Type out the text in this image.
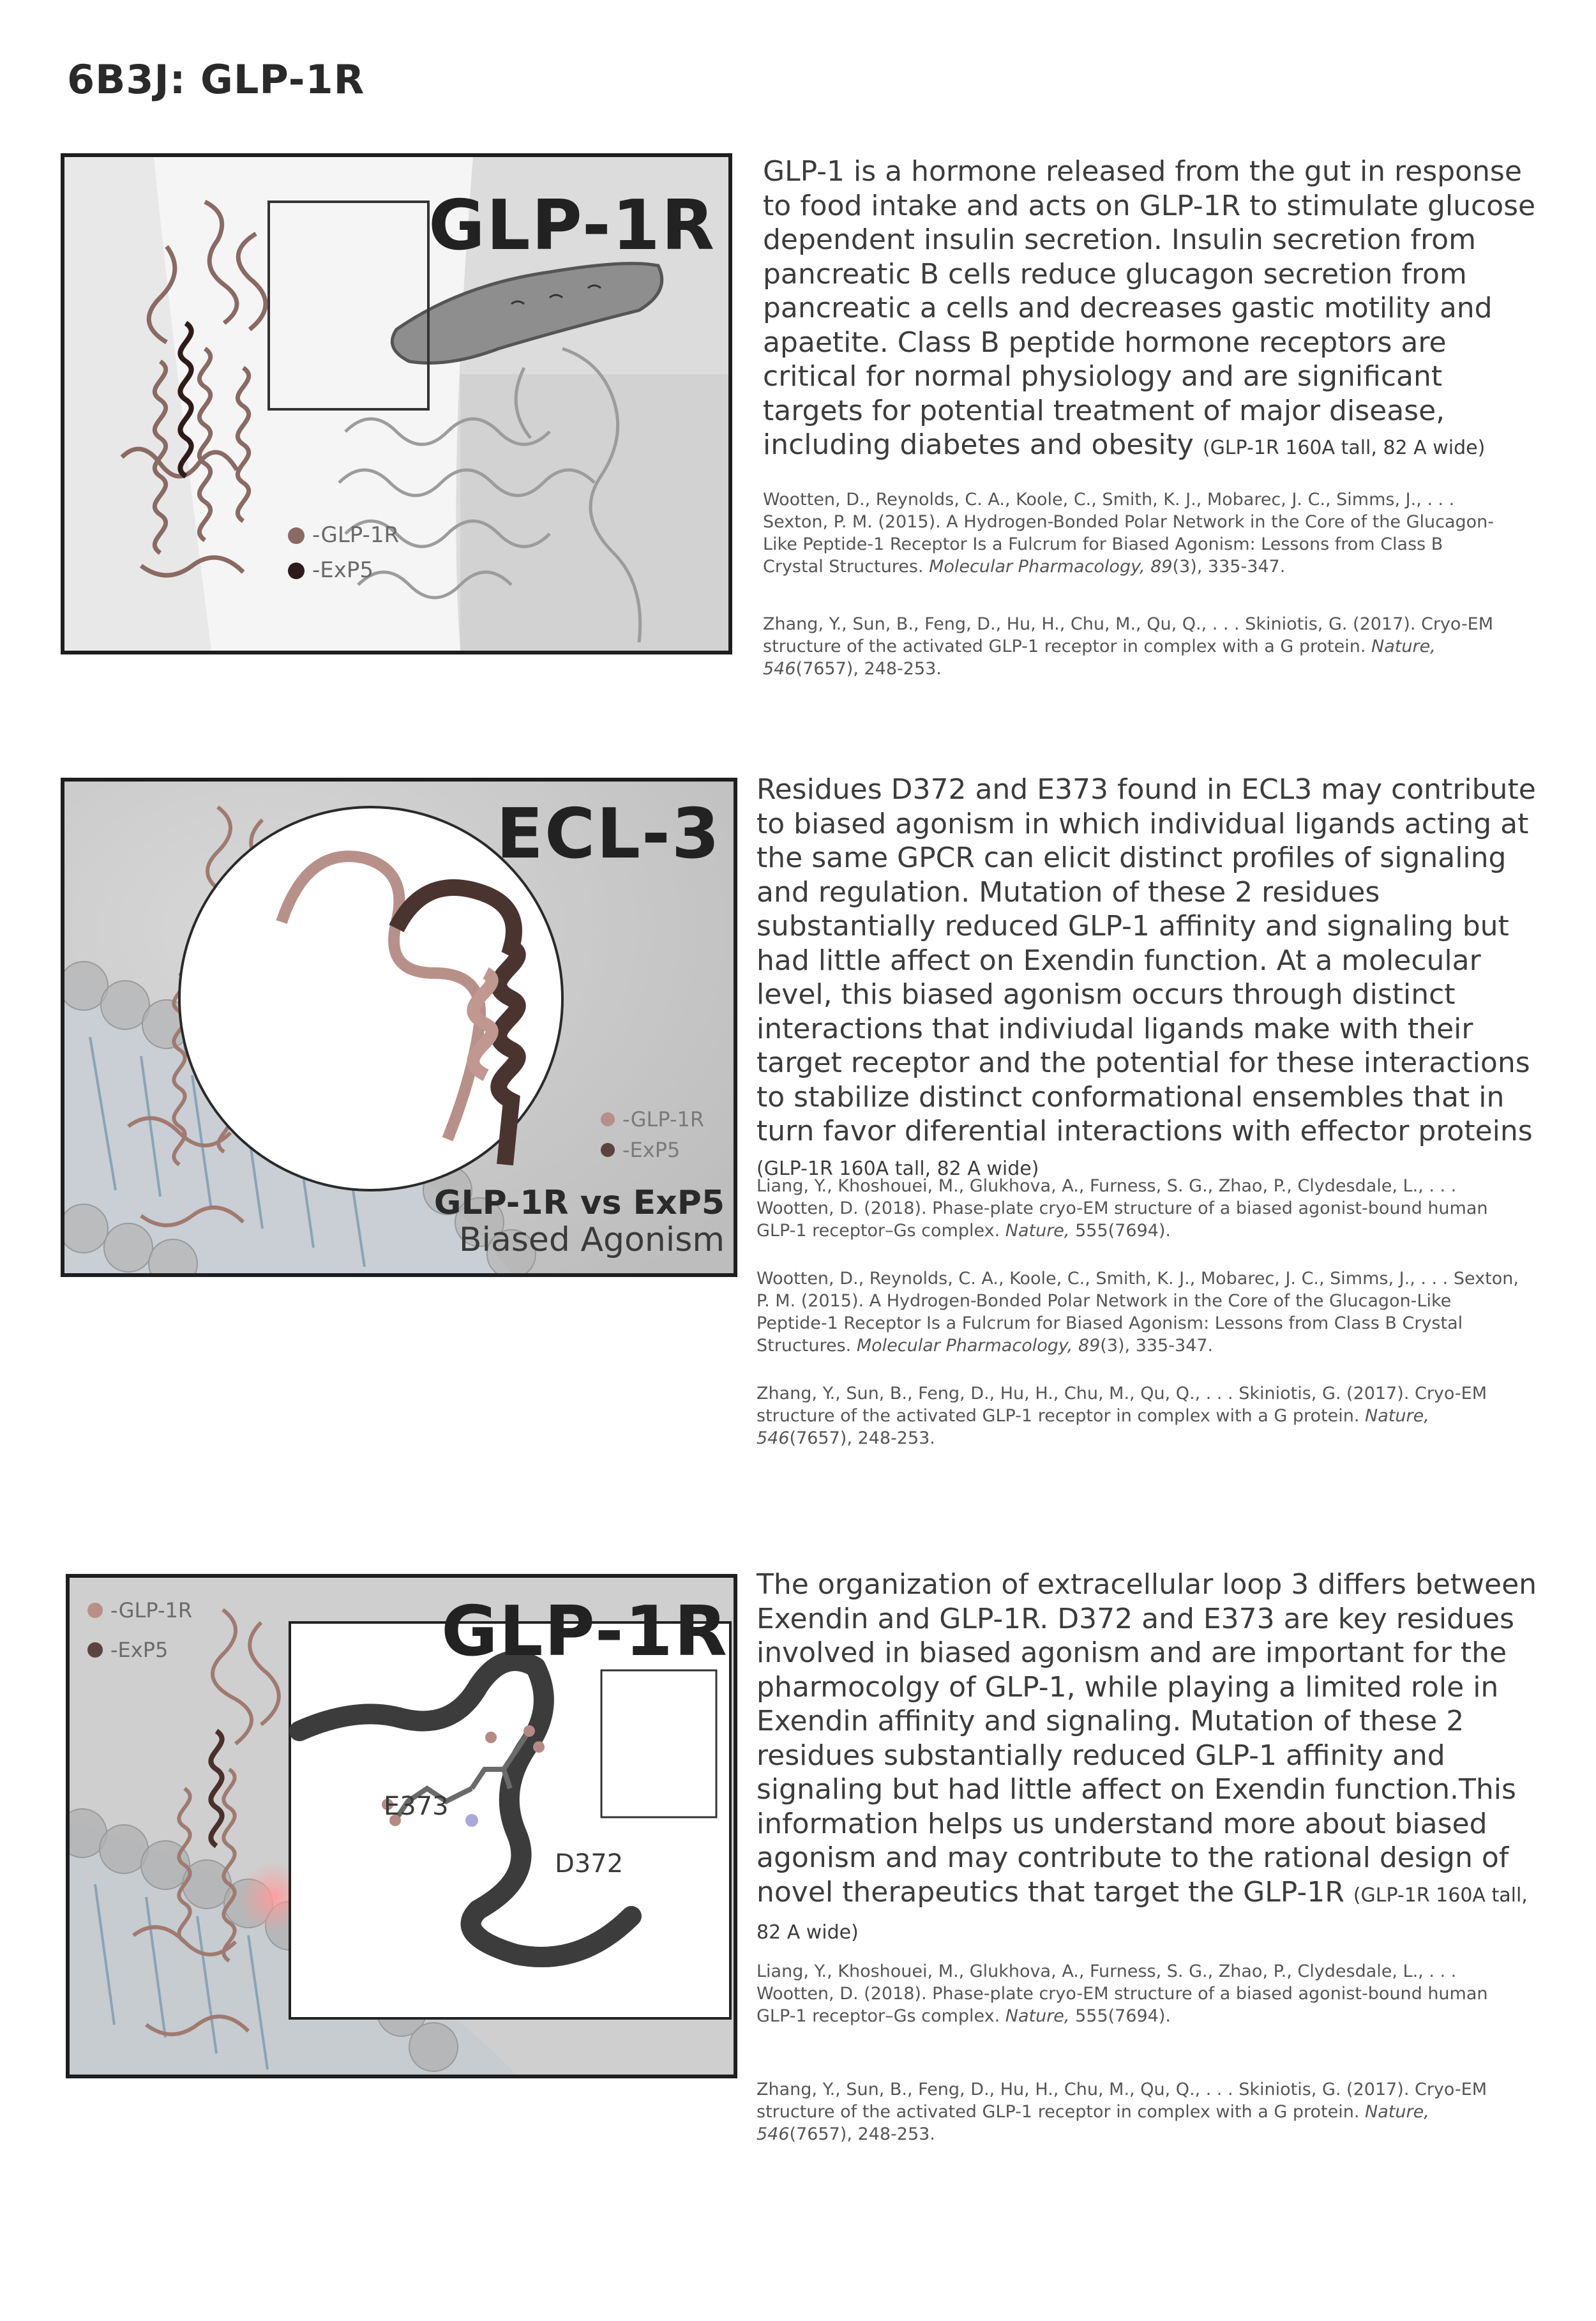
6B3J: GLP-1R
GLP-1R
-GLP-1R
-ExP5
GLP-1 is a hormone released from the gut in response to food intake and acts on GLP-1R to stimulate glucose dependent insulin secretion. Insulin secretion from pancreatic B cells reduce glucagon secretion from pancreatic a cells and decreases gastic motility and apaetite. Class B peptide hormone receptors are critical for normal physiology and are significant targets for potential treatment of major disease, including diabetes and obesity (GLP-1R 160A tall, 82 A wide)

Wootten, D., Reynolds, C. A., Koole, C., Smith, K. J., Mobarec, J. C., Simms, J., . . . Sexton, P. M. (2015). A Hydrogen-Bonded Polar Network in the Core of the Glucagon-Like Peptide-1 Receptor Is a Fulcrum for Biased Agonism: Lessons from Class B Crystal Structures. Molecular Pharmacology, 89(3), 335-347.

Zhang, Y., Sun, B., Feng, D., Hu, H., Chu, M., Qu, Q., . . . Skiniotis, G. (2017). Cryo-EM structure of the activated GLP-1 receptor in complex with a G protein. Nature, 546(7657), 248-253.

ECL-3
-GLP-1R
-ExP5
GLP-1R vs ExP5
Biased Agonism
Residues D372 and E373 found in ECL3 may contribute to biased agonism in which individual ligands acting at the same GPCR can elicit distinct profiles of signaling and regulation. Mutation of these 2 residues substantially reduced GLP-1 affinity and signaling but had little affect on Exendin function. At a molecular level, this biased agonism occurs through distinct interactions that indiviudal ligands make with their target receptor and the potential for these interactions to stabilize distinct conformational ensembles that in turn favor diferential interactions with effector proteins (GLP-1R 160A tall, 82 A wide)

Liang, Y., Khoshouei, M., Glukhova, A., Furness, S. G., Zhao, P., Clydesdale, L., . . . Wootten, D. (2018). Phase-plate cryo-EM structure of a biased agonist-bound human GLP-1 receptor–Gs complex. Nature, 555(7694).

Wootten, D., Reynolds, C. A., Koole, C., Smith, K. J., Mobarec, J. C., Simms, J., . . . Sexton, P. M. (2015). A Hydrogen-Bonded Polar Network in the Core of the Glucagon-Like Peptide-1 Receptor Is a Fulcrum for Biased Agonism: Lessons from Class B Crystal Structures. Molecular Pharmacology, 89(3), 335-347.

Zhang, Y., Sun, B., Feng, D., Hu, H., Chu, M., Qu, Q., . . . Skiniotis, G. (2017). Cryo-EM structure of the activated GLP-1 receptor in complex with a G protein. Nature, 546(7657), 248-253.

GLP-1R
-GLP-1R
-ExP5
E373
D372
The organization of extracellular loop 3 differs between Exendin and GLP-1R. D372 and E373 are key residues involved in biased agonism and are important for the pharmocolgy of GLP-1, while playing a limited role in Exendin affinity and signaling. Mutation of these 2 residues substantially reduced GLP-1 affinity and signaling but had little affect on Exendin function.This information helps us understand more about biased agonism and may contribute to the rational design of novel therapeutics that target the GLP-1R (GLP-1R 160A tall, 82 A wide)

Liang, Y., Khoshouei, M., Glukhova, A., Furness, S. G., Zhao, P., Clydesdale, L., . . . Wootten, D. (2018). Phase-plate cryo-EM structure of a biased agonist-bound human GLP-1 receptor–Gs complex. Nature, 555(7694).

Zhang, Y., Sun, B., Feng, D., Hu, H., Chu, M., Qu, Q., . . . Skiniotis, G. (2017). Cryo-EM structure of the activated GLP-1 receptor in complex with a G protein. Nature, 546(7657), 248-253.
